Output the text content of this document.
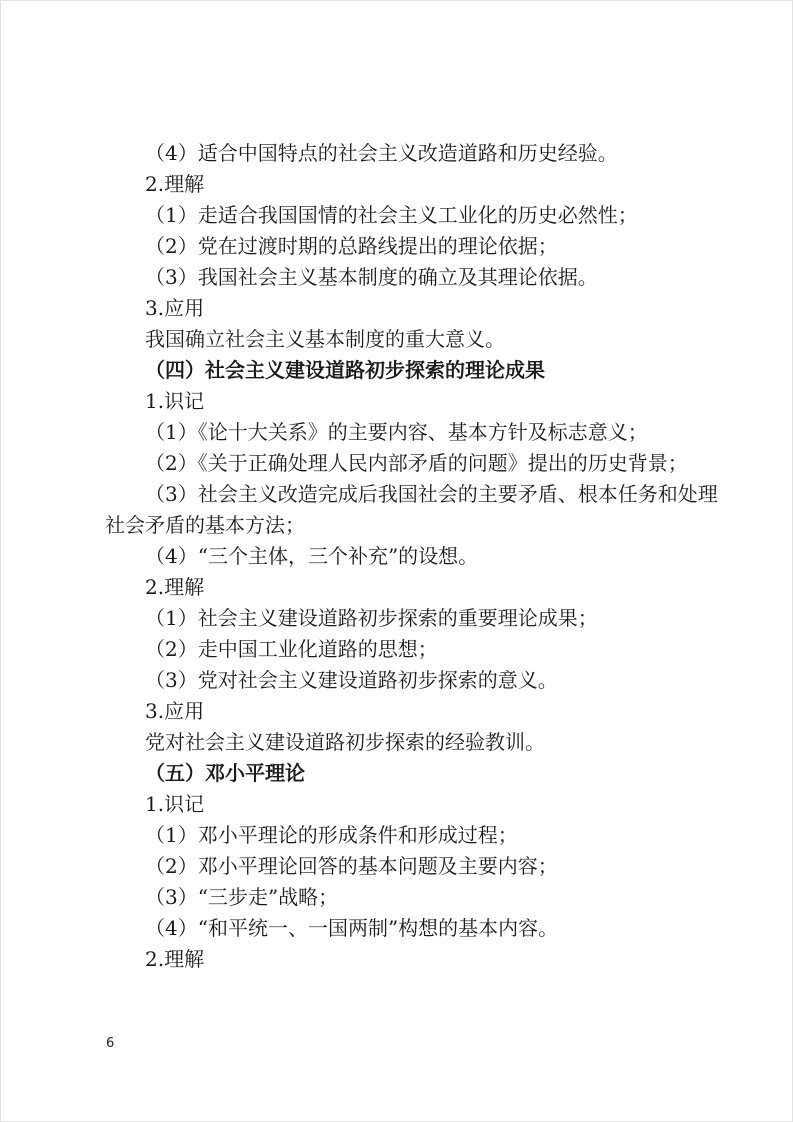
（4）适合中国特点的社会主义改造道路和历史经验。
2.理解
（1）走适合我国国情的社会主义工业化的历史必然性；
（2）党在过渡时期的总路线提出的理论依据；
（3）我国社会主义基本制度的确立及其理论依据。
3.应用
我国确立社会主义基本制度的重大意义。
（四）社会主义建设道路初步探索的理论成果
1.识记
（1）《论十大关系》的主要内容、基本方针及标志意义；
（2）《关于正确处理人民内部矛盾的问题》提出的历史背景；
（3）社会主义改造完成后我国社会的主要矛盾、根本任务和处理社会矛盾的基本方法；
（4）“三个主体，三个补充”的设想。
2.理解
（1）社会主义建设道路初步探索的重要理论成果；
（2）走中国工业化道路的思想；
（3）党对社会主义建设道路初步探索的意义。
3.应用
党对社会主义建设道路初步探索的经验教训。
（五）邓小平理论
1.识记
（1）邓小平理论的形成条件和形成过程；
（2）邓小平理论回答的基本问题及主要内容；
（3）“三步走”战略；
（4）“和平统一、一国两制”构想的基本内容。
2.理解
6
